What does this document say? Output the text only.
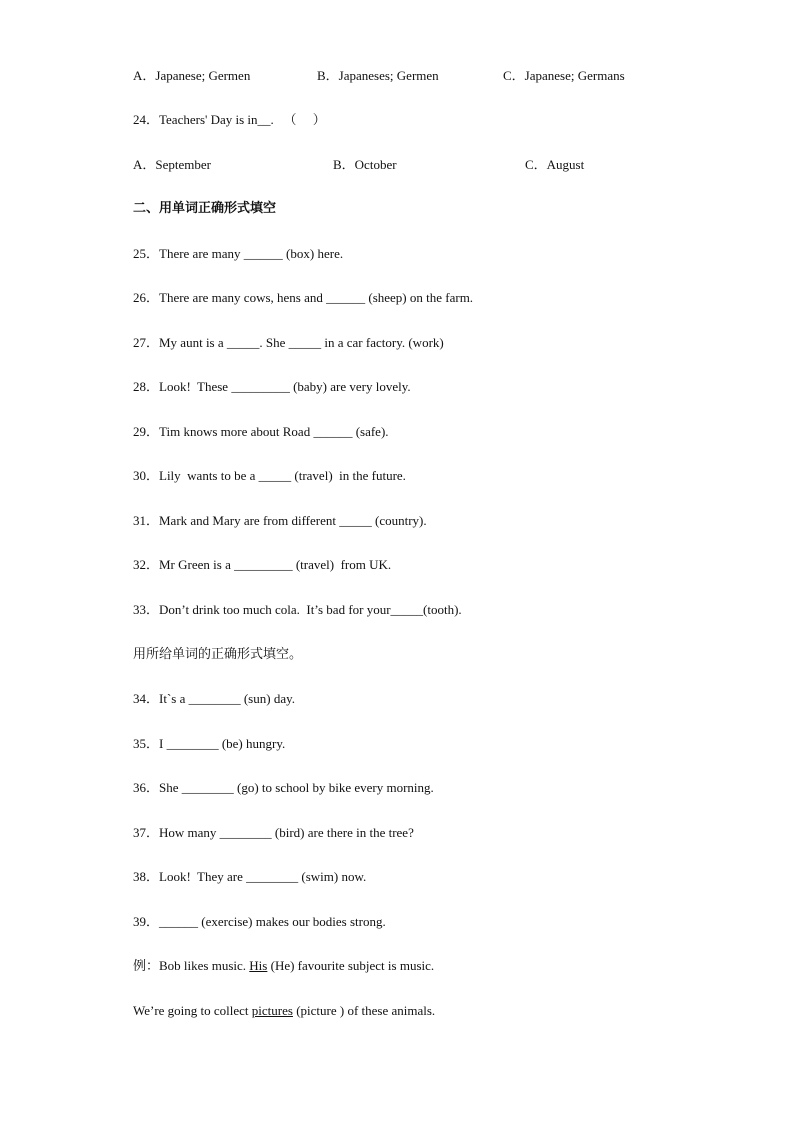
A．Japanese; Germen	B．Japaneses; Germen	C．Japanese; Germans
24．Teachers' Day is in__.   （     ）
A．September	B．October	C．August
二、用单词正确形式填空
25．There are many ______ (box) here.
26．There are many cows, hens and ______ (sheep) on the farm.
27．My aunt is a _____. She _____ in a car factory. (work)
28．Look!  These _________ (baby) are very lovely.
29．Tim knows more about Road ______ (safe).
30．Lily  wants to be a _____ (travel)  in the future.
31．Mark and Mary are from different _____ (country).
32．Mr Green is a _________ (travel)  from UK.
33．Don’t drink too much cola.  It’s bad for your_____(tooth).
用所给单词的正确形式填空。
34．It`s a ________ (sun) day.
35．I ________ (be) hungry.
36．She ________ (go) to school by bike every morning.
37．How many ________ (bird) are there in the tree?
38．Look!  They are ________ (swim) now.
39．______ (exercise) makes our bodies strong.
例：Bob likes music. His (He) favourite subject is music.
We’re going to collect pictures (picture ) of these animals.
